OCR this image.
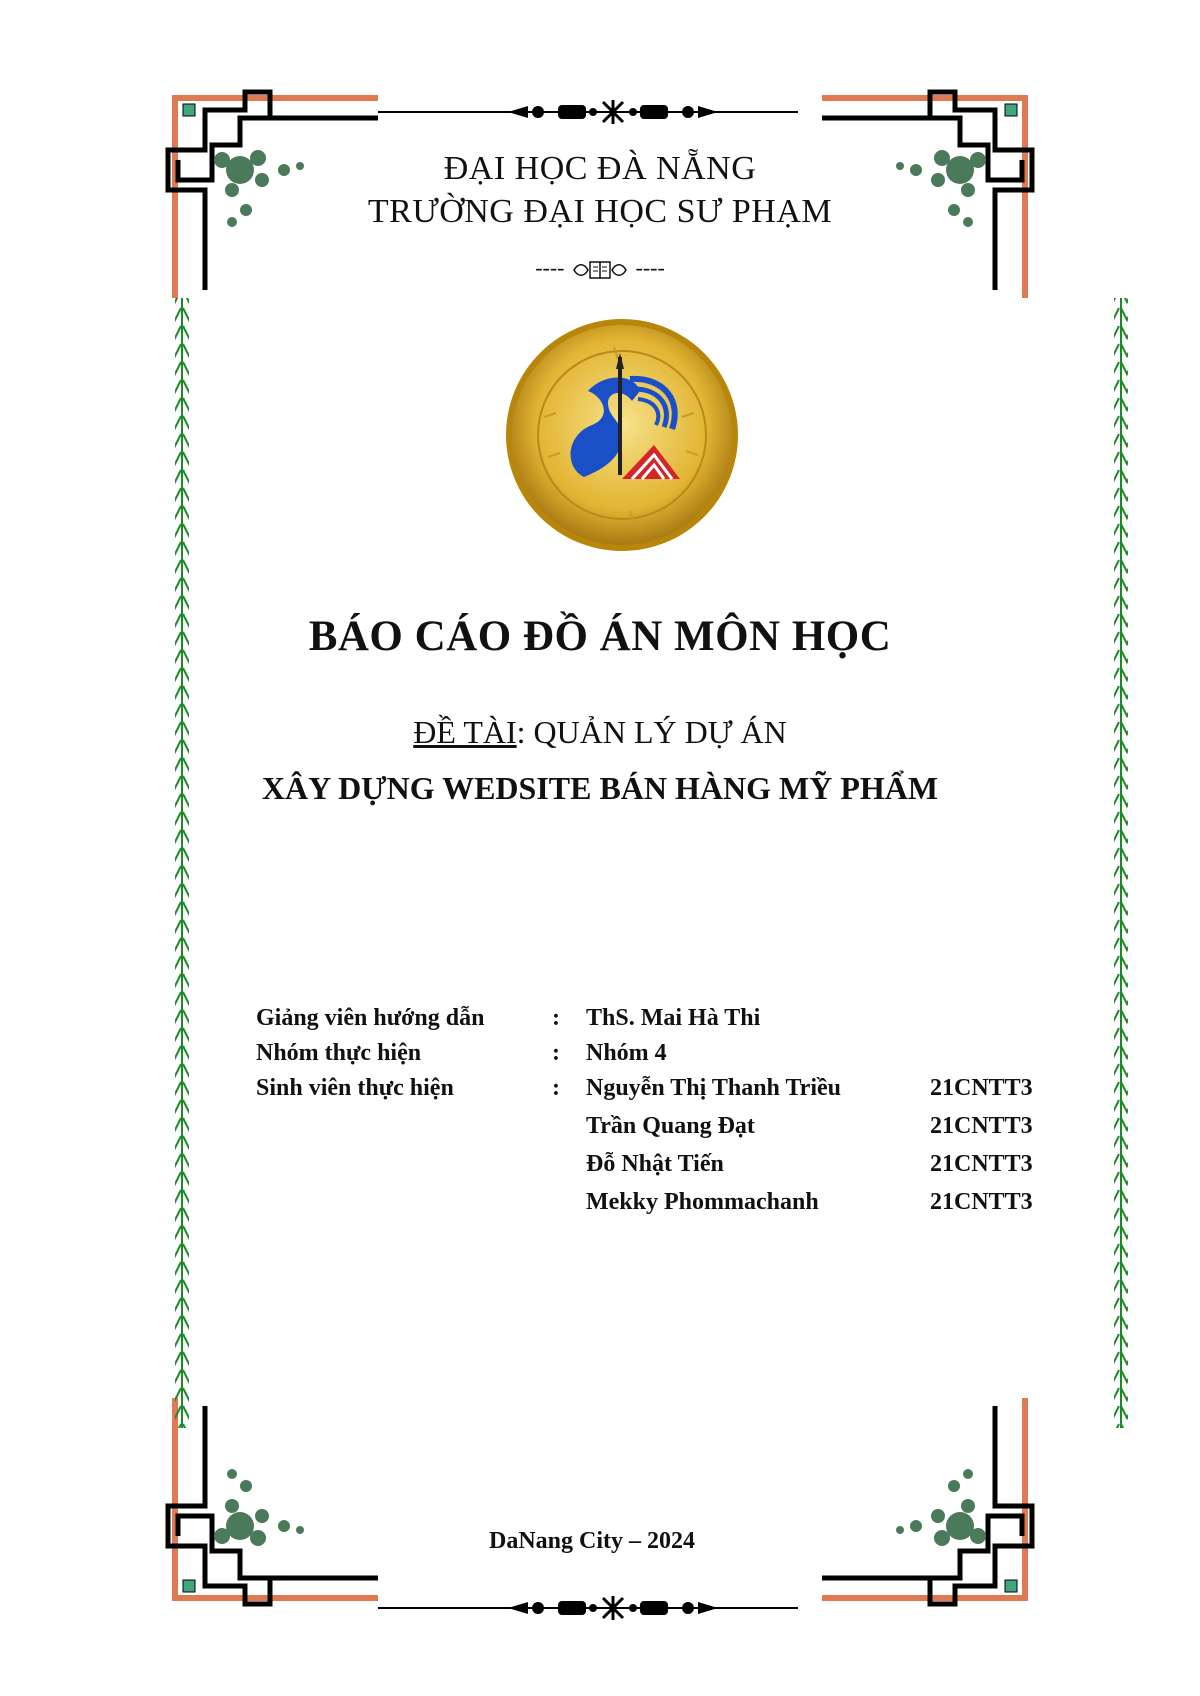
ĐẠI HỌC ĐÀ NẴNG
TRƯỜNG ĐẠI HỌC SƯ PHẠM
----	----
BÁO CÁO ĐỒ ÁN MÔN HỌC
ĐỀ TÀI: QUẢN LÝ DỰ ÁN
XÂY DỰNG WEDSITE BÁN HÀNG MỸ PHẨM
Giảng viên hướng dẫn	: ThS. Mai Hà Thi
Nhóm thực hiện	: Nhóm 4
Sinh viên thực hiện	: Nguyễn Thị Thanh Triều	21CNTT3
Trần Quang Đạt	21CNTT3
Đỗ Nhật Tiến	21CNTT3
Mekky Phommachanh	21CNTT3
DaNang City – 2024
